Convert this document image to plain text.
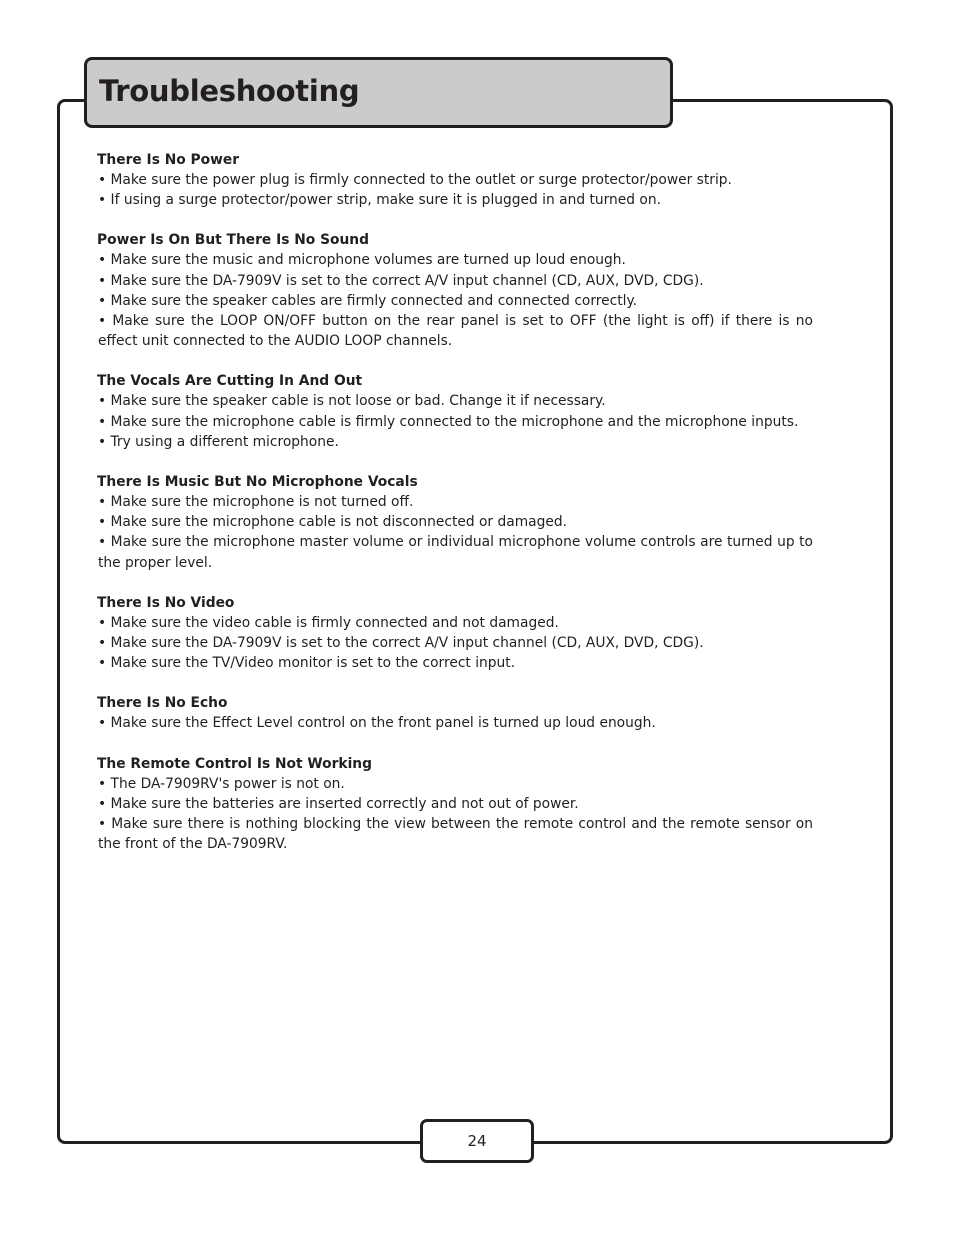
Troubleshooting

There Is No Power

• Make sure the power plug is firmly connected to the outlet or surge protector/power strip.

• If using a surge protector/power strip, make sure it is plugged in and turned on.

Power Is On But There Is No Sound

• Make sure the music and microphone volumes are turned up loud enough.

• Make sure the DA-7909V is set to the correct A/V input channel (CD, AUX, DVD, CDG).

• Make sure the speaker cables are firmly connected and connected correctly.

• Make sure the LOOP ON/OFF button on the rear panel is set to OFF (the light is off) if there is no effect unit connected to the AUDIO LOOP channels.

The Vocals Are Cutting In And Out

• Make sure the speaker cable is not loose or bad. Change it if necessary.

• Make sure the microphone cable is firmly connected to the microphone and the microphone inputs.

• Try using a different microphone.

There Is Music But No Microphone Vocals

• Make sure the microphone is not turned off.

• Make sure the microphone cable is not disconnected or damaged.

• Make sure the microphone master volume or individual microphone volume controls are turned up to the proper level.

There Is No Video

• Make sure the video cable is firmly connected and not damaged.

• Make sure the DA-7909V is set to the correct A/V input channel (CD, AUX, DVD, CDG).

• Make sure the TV/Video monitor is set to the correct input.

There Is No Echo

• Make sure the Effect Level control on the front panel is turned up loud enough.

The Remote Control Is Not Working

• The DA-7909RV's power is not on.

• Make sure the batteries are inserted correctly and not out of power.

• Make sure there is nothing blocking the view between the remote control and the remote sensor on the front of the DA-7909RV.

24
